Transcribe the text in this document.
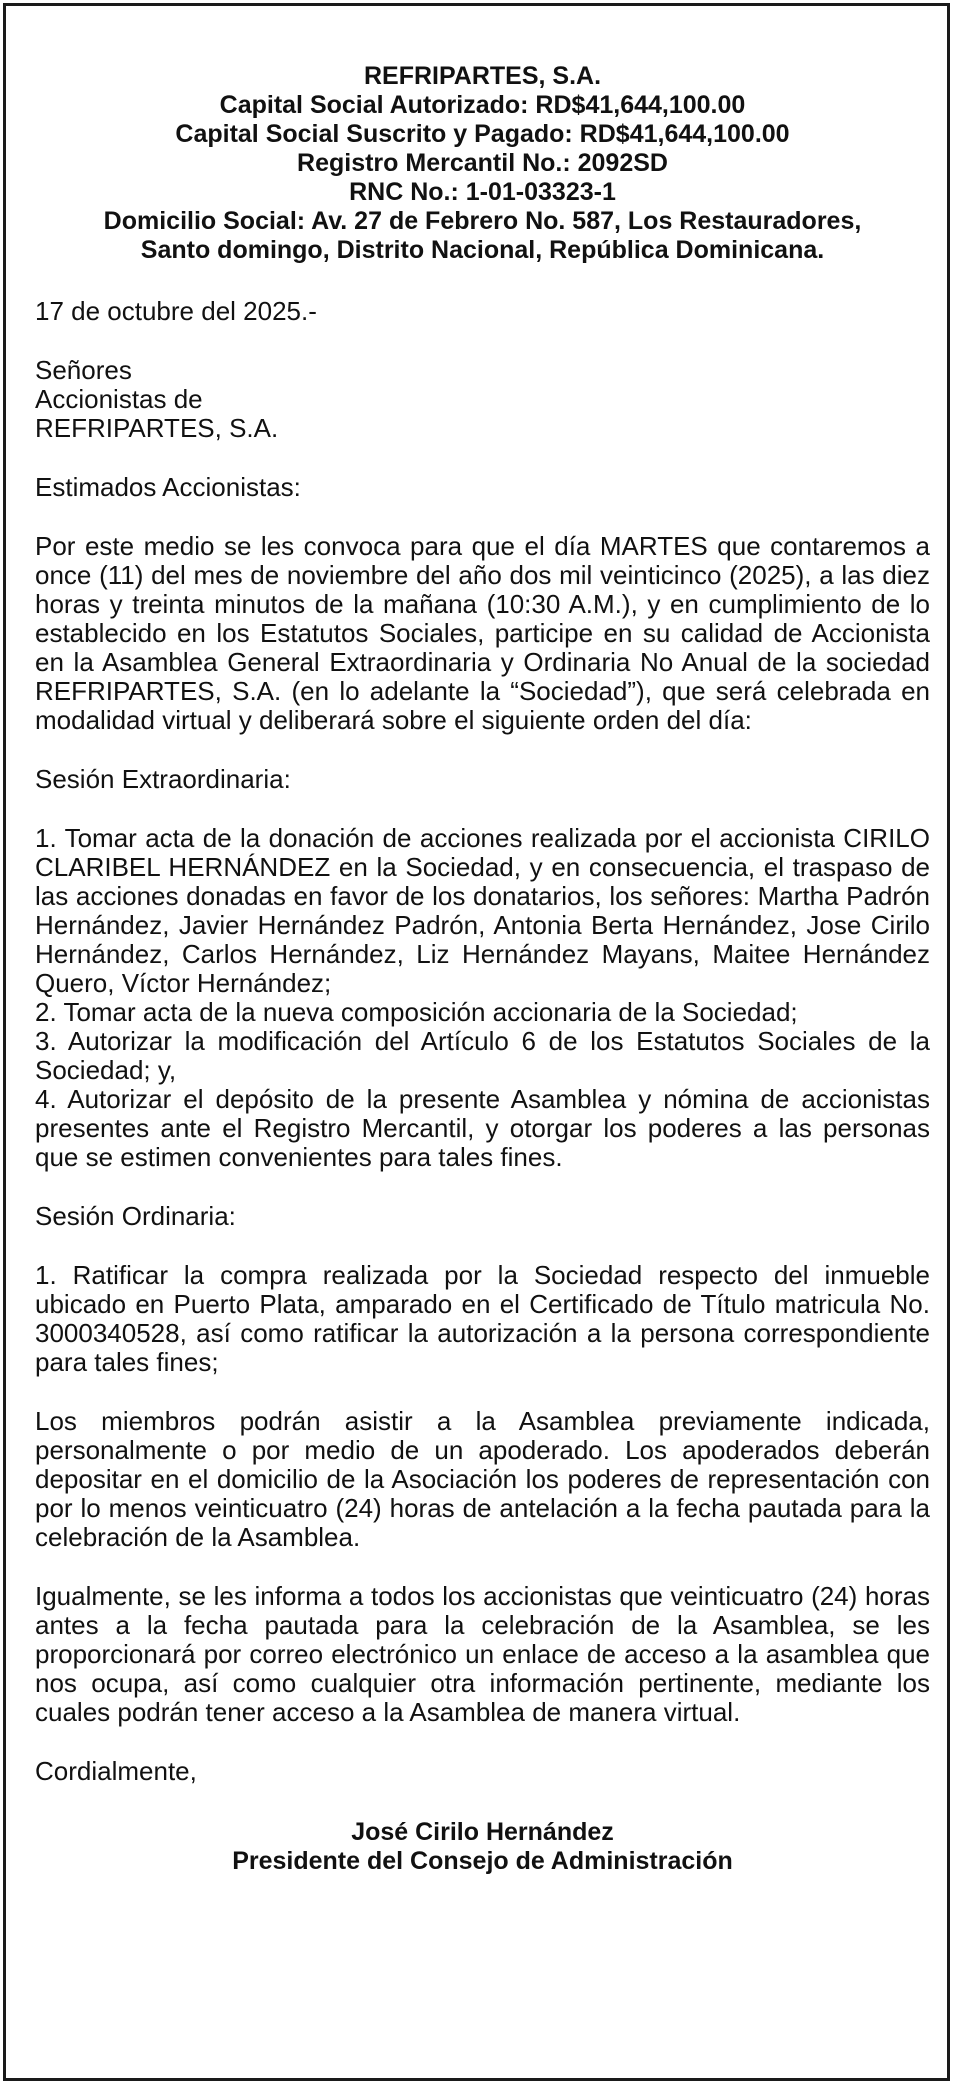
REFRIPARTES, S.A.
Capital Social Autorizado: RD$41,644,100.00
Capital Social Suscrito y Pagado: RD$41,644,100.00
Registro Mercantil No.: 2092SD
RNC No.: 1-01-03323-1
Domicilio Social: Av. 27 de Febrero No. 587, Los Restauradores,
Santo domingo, Distrito Nacional, República Dominicana.

17 de octubre del 2025.-

Señores
Accionistas de
REFRIPARTES, S.A.

Estimados Accionistas:

Por este medio se les convoca para que el día MARTES que contaremos a once (11) del mes de noviembre del año dos mil veinticinco (2025), a las diez horas y treinta minutos de la mañana (10:30 A.M.), y en cumplimiento de lo establecido en los Estatutos Sociales, participe en su calidad de Accionista en la Asamblea General Extraordinaria y Ordinaria No Anual de la sociedad REFRIPARTES, S.A. (en lo adelante la “Sociedad”), que será celebrada en modalidad virtual y deliberará sobre el siguiente orden del día:

Sesión Extraordinaria:

1. Tomar acta de la donación de acciones realizada por el accionista CIRILO CLARIBEL HERNÁNDEZ en la Sociedad, y en consecuencia, el traspaso de las acciones donadas en favor de los donatarios, los señores: Martha Padrón Hernández, Javier Hernández Padrón, Antonia Berta Hernández, Jose Cirilo Hernández, Carlos Hernández, Liz Hernández Mayans, Maitee Hernández Quero, Víctor Hernández;
2. Tomar acta de la nueva composición accionaria de la Sociedad;
3. Autorizar la modificación del Artículo 6 de los Estatutos Sociales de la Sociedad; y,
4. Autorizar el depósito de la presente Asamblea y nómina de accionistas presentes ante el Registro Mercantil, y otorgar los poderes a las personas que se estimen convenientes para tales fines.

Sesión Ordinaria:

1. Ratificar la compra realizada por la Sociedad respecto del inmueble ubicado en Puerto Plata, amparado en el Certificado de Título matricula No. 3000340528, así como ratificar la autorización a la persona correspondiente para tales fines;

Los miembros podrán asistir a la Asamblea previamente indicada, personalmente o por medio de un apoderado. Los apoderados deberán depositar en el domicilio de la Asociación los poderes de representación con por lo menos veinticuatro (24) horas de antelación a la fecha pautada para la celebración de la Asamblea.

Igualmente, se les informa a todos los accionistas que veinticuatro (24) horas antes a la fecha pautada para la celebración de la Asamblea, se les proporcionará por correo electrónico un enlace de acceso a la asamblea que nos ocupa, así como cualquier otra información pertinente, mediante los cuales podrán tener acceso a la Asamblea de manera virtual.

Cordialmente,

José Cirilo Hernández
Presidente del Consejo de Administración
